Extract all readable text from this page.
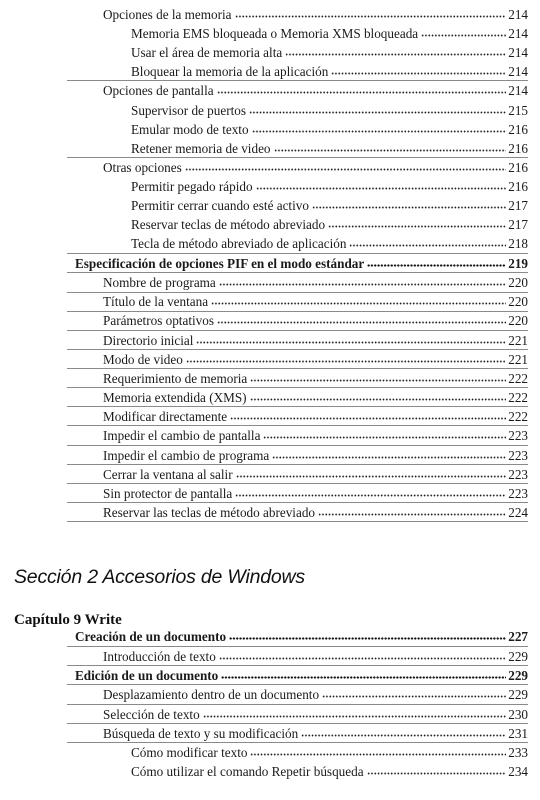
Opciones de la memoria	214
Memoria EMS bloqueada o Memoria XMS bloqueada	214
Usar el área de memoria alta	214
Bloquear la memoria de la aplicación	214
Opciones de pantalla	214
Supervisor de puertos	215
Emular modo de texto	216
Retener memoria de video	216
Otras opciones	216
Permitir pegado rápido	216
Permitir cerrar cuando esté activo	217
Reservar teclas de método abreviado	217
Tecla de método abreviado de aplicación	218
Especificación de opciones PIF en el modo estándar	219
Nombre de programa	220
Título de la ventana	220
Parámetros optativos	220
Directorio inicial	221
Modo de video	221
Requerimiento de memoria	222
Memoria extendida (XMS)	222
Modificar directamente	222
Impedir el cambio de pantalla	223
Impedir el cambio de programa	223
Cerrar la ventana al salir	223
Sin protector de pantalla	223
Reservar las teclas de método abreviado	224
Sección 2 Accesorios de Windows
Capítulo 9 Write
Creación de un documento	227
Introducción de texto	229
Edición de un documento	229
Desplazamiento dentro de un documento	229
Selección de texto	230
Búsqueda de texto y su modificación	231
Cómo modificar texto	233
Cómo utilizar el comando Repetir búsqueda	234
